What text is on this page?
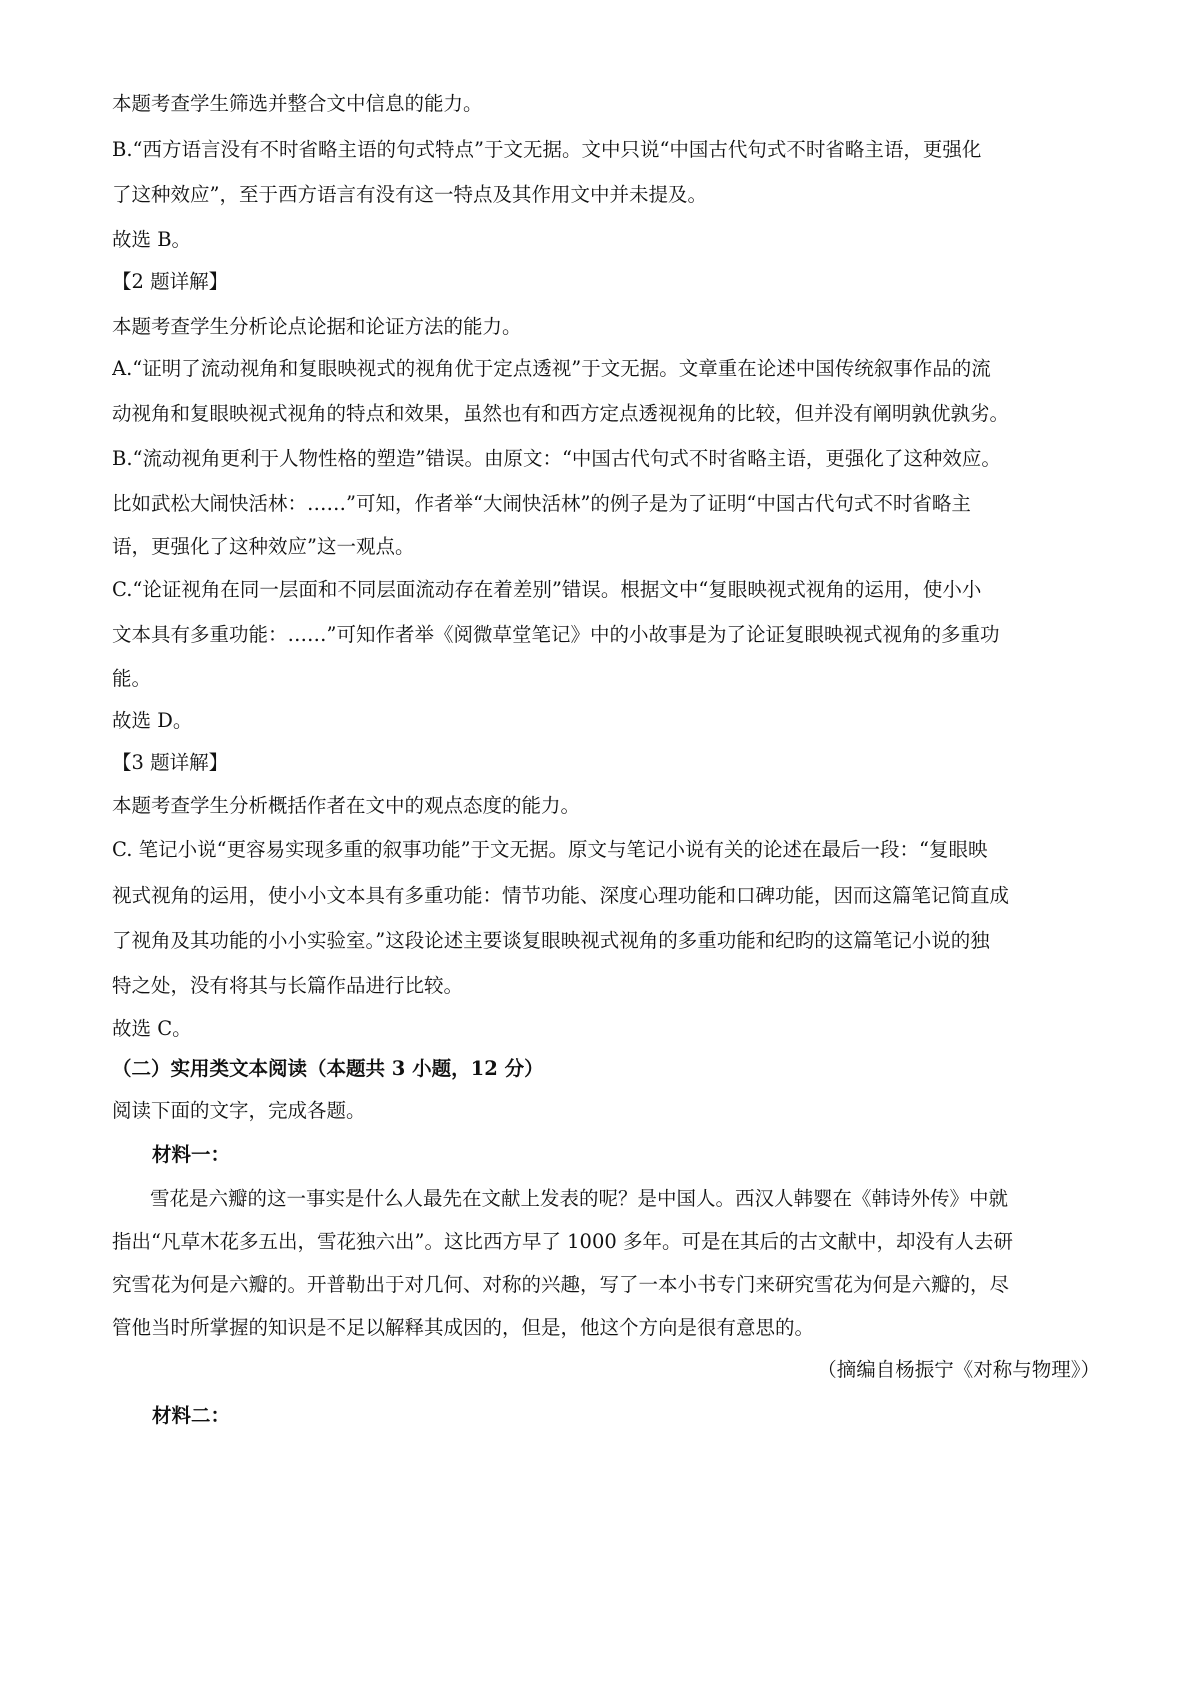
本题考查学生筛选并整合文中信息的能力。
B.“西方语言没有不时省略主语的句式特点”于文无据。文中只说“中国古代句式不时省略主语，更强化
了这种效应”，至于西方语言有没有这一特点及其作用文中并未提及。
故选 B。
【2 题详解】
本题考查学生分析论点论据和论证方法的能力。
A.“证明了流动视角和复眼映视式的视角优于定点透视”于文无据。文章重在论述中国传统叙事作品的流
动视角和复眼映视式视角的特点和效果，虽然也有和西方定点透视视角的比较，但并没有阐明孰优孰劣。
B.“流动视角更利于人物性格的塑造”错误。由原文：“中国古代句式不时省略主语，更强化了这种效应。
比如武松大闹快活林：……”可知，作者举“大闹快活林”的例子是为了证明“中国古代句式不时省略主
语，更强化了这种效应”这一观点。
C.“论证视角在同一层面和不同层面流动存在着差别”错误。根据文中“复眼映视式视角的运用，使小小
文本具有多重功能：……”可知作者举《阅微草堂笔记》中的小故事是为了论证复眼映视式视角的多重功
能。
故选 D。
【3 题详解】
本题考查学生分析概括作者在文中的观点态度的能力。
C. 笔记小说“更容易实现多重的叙事功能”于文无据。原文与笔记小说有关的论述在最后一段：“复眼映
视式视角的运用，使小小文本具有多重功能：情节功能、深度心理功能和口碑功能，因而这篇笔记简直成
了视角及其功能的小小实验室。”这段论述主要谈复眼映视式视角的多重功能和纪昀的这篇笔记小说的独
特之处，没有将其与长篇作品进行比较。
故选 C。
（二）实用类文本阅读（本题共 3 小题，12 分）
阅读下面的文字，完成各题。
材料一：
雪花是六瓣的这一事实是什么人最先在文献上发表的呢？是中国人。西汉人韩婴在《韩诗外传》中就
指出“凡草木花多五出，雪花独六出”。这比西方早了 1000 多年。可是在其后的古文献中，却没有人去研
究雪花为何是六瓣的。开普勒出于对几何、对称的兴趣，写了一本小书专门来研究雪花为何是六瓣的，尽
管他当时所掌握的知识是不足以解释其成因的，但是，他这个方向是很有意思的。
（摘编自杨振宁《对称与物理》）
材料二：
